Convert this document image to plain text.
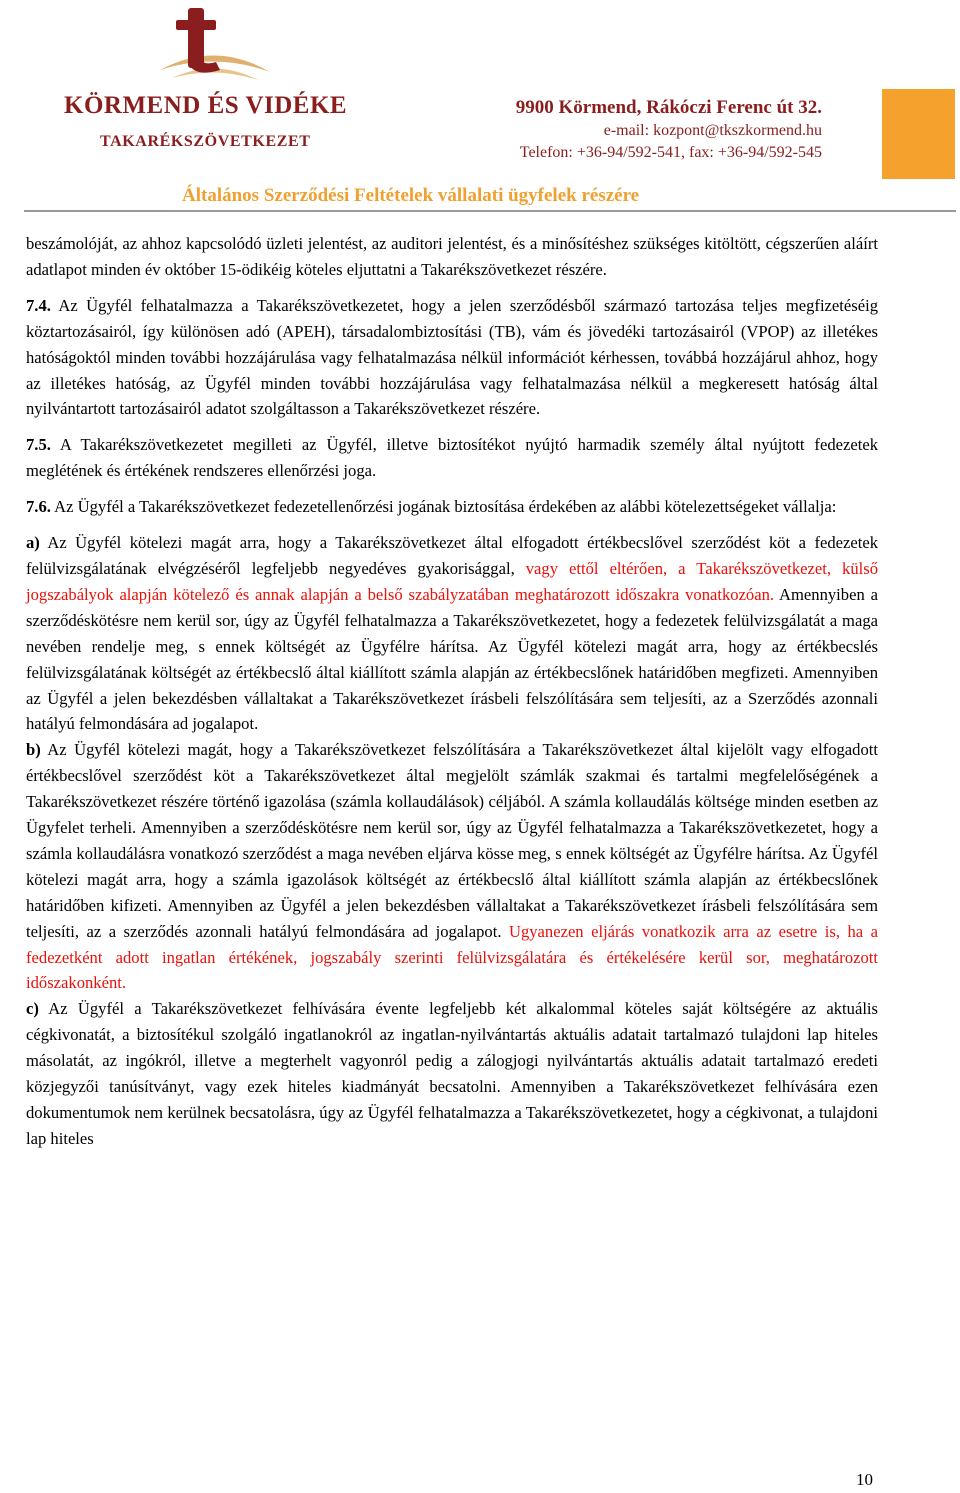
KÖRMEND ÉS VIDÉKE
TAKARÉKSZÖVETKEZET
9900 Körmend, Rákóczi Ferenc út 32.
e-mail: kozpont@tkszkormend.hu
Telefon: +36-94/592-541, fax: +36-94/592-545
Általános Szerződési Feltételek vállalati ügyfelek részére

beszámolóját, az ahhoz kapcsolódó üzleti jelentést, az auditori jelentést, és a minősítéshez szükséges kitöltött, cégszerűen aláírt adatlapot minden év október 15-ödikéig köteles eljuttatni a Takarékszövetkezet részére.

7.4. Az Ügyfél felhatalmazza a Takarékszövetkezetet, hogy a jelen szerződésből származó tartozása teljes megfizetéséig köztartozásairól, így különösen adó (APEH), társadalombiztosítási (TB), vám és jövedéki tartozásairól (VPOP) az illetékes hatóságoktól minden további hozzájárulása vagy felhatalmazása nélkül információt kérhessen, továbbá hozzájárul ahhoz, hogy az illetékes hatóság, az Ügyfél minden további hozzájárulása vagy felhatalmazása nélkül a megkeresett hatóság által nyilvántartott tartozásairól adatot szolgáltasson a Takarékszövetkezet részére.

7.5. A Takarékszövetkezetet megilleti az Ügyfél, illetve biztosítékot nyújtó harmadik személy által nyújtott fedezetek meglétének és értékének rendszeres ellenőrzési joga.

7.6. Az Ügyfél a Takarékszövetkezet fedezetellenőrzési jogának biztosítása érdekében az alábbi kötelezettségeket vállalja:

a) Az Ügyfél kötelezi magát arra, hogy a Takarékszövetkezet által elfogadott értékbecslővel szerződést köt a fedezetek felülvizsgálatának elvégzéséről legfeljebb negyedéves gyakorisággal, vagy ettől eltérően, a Takarékszövetkezet, külső jogszabályok alapján kötelező és annak alapján a belső szabályzatában meghatározott időszakra vonatkozóan. Amennyiben a szerződéskötésre nem kerül sor, úgy az Ügyfél felhatalmazza a Takarékszövetkezetet, hogy a fedezetek felülvizsgálatát a maga nevében rendelje meg, s ennek költségét az Ügyfélre hárítsa. Az Ügyfél kötelezi magát arra, hogy az értékbecslés felülvizsgálatának költségét az értékbecslő által kiállított számla alapján az értékbecslőnek határidőben megfizeti. Amennyiben az Ügyfél a jelen bekezdésben vállaltakat a Takarékszövetkezet írásbeli felszólítására sem teljesíti, az a Szerződés azonnali hatályú felmondására ad jogalapot.

b) Az Ügyfél kötelezi magát, hogy a Takarékszövetkezet felszólítására a Takarékszövetkezet által kijelölt vagy elfogadott értékbecslővel szerződést köt a Takarékszövetkezet által megjelölt számlák szakmai és tartalmi megfelelőségének a Takarékszövetkezet részére történő igazolása (számla kollaudálások) céljából. A számla kollaudálás költsége minden esetben az Ügyfelet terheli. Amennyiben a szerződéskötésre nem kerül sor, úgy az Ügyfél felhatalmazza a Takarékszövetkezetet, hogy a számla kollaudálásra vonatkozó szerződést a maga nevében eljárva kösse meg, s ennek költségét az Ügyfélre hárítsa. Az Ügyfél kötelezi magát arra, hogy a számla igazolások költségét az értékbecslő által kiállított számla alapján az értékbecslőnek határidőben kifizeti. Amennyiben az Ügyfél a jelen bekezdésben vállaltakat a Takarékszövetkezet írásbeli felszólítására sem teljesíti, az a szerződés azonnali hatályú felmondására ad jogalapot. Ugyanezen eljárás vonatkozik arra az esetre is, ha a fedezetként adott ingatlan értékének, jogszabály szerinti felülvizsgálatára és értékelésére kerül sor, meghatározott időszakonként.

c) Az Ügyfél a Takarékszövetkezet felhívására évente legfeljebb két alkalommal köteles saját költségére az aktuális cégkivonatát, a biztosítékul szolgáló ingatlanokról az ingatlan-nyilvántartás aktuális adatait tartalmazó tulajdoni lap hiteles másolatát, az ingókról, illetve a megterhelt vagyonról pedig a zálogjogi nyilvántartás aktuális adatait tartalmazó eredeti közjegyzői tanúsítványt, vagy ezek hiteles kiadmányát becsatolni. Amennyiben a Takarékszövetkezet felhívására ezen dokumentumok nem kerülnek becsatolásra, úgy az Ügyfél felhatalmazza a Takarékszövetkezetet, hogy a cégkivonat, a tulajdoni lap hiteles

10
